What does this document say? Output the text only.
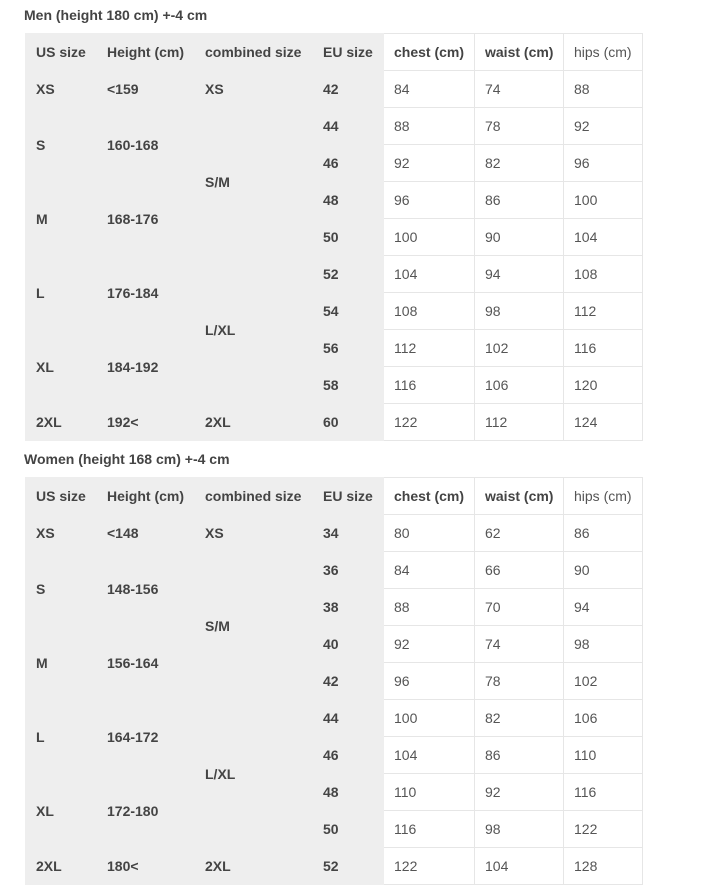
Men (height 180 cm) +-4 cm
US size	Height (cm)	combined size	EU size	chest (cm)	waist (cm)	hips (cm)
XS	<159	XS	42	84	74	88
S	160-168	S/M	44	88	78	92
			46	92	82	96
M	168-176		48	96	86	100
			50	100	90	104
L	176-184	L/XL	52	104	94	108
			54	108	98	112
XL	184-192		56	112	102	116
			58	116	106	120
2XL	192<	2XL	60	122	112	124
Women (height 168 cm) +-4 cm
US size	Height (cm)	combined size	EU size	chest (cm)	waist (cm)	hips (cm)
XS	<148	XS	34	80	62	86
S	148-156	S/M	36	84	66	90
			38	88	70	94
M	156-164		40	92	74	98
			42	96	78	102
L	164-172	L/XL	44	100	82	106
			46	104	86	110
XL	172-180		48	110	92	116
			50	116	98	122
2XL	180<	2XL	52	122	104	128
